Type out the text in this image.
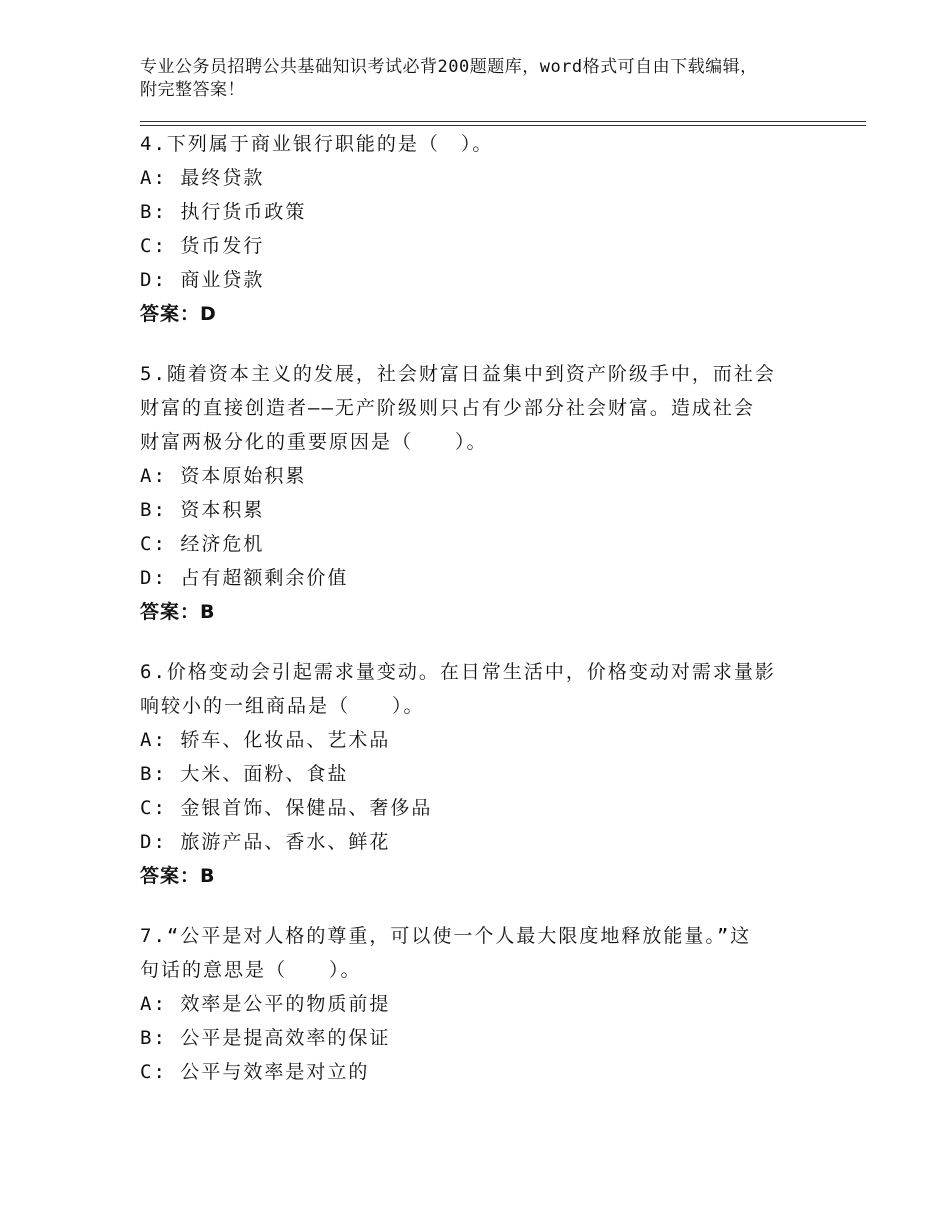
专业公务员招聘公共基础知识考试必背200题题库，word格式可自由下载编辑，
附完整答案！
4.下列属于商业银行职能的是（　）。
A: 最终贷款
B: 执行货币政策
C: 货币发行
D: 商业贷款
答案：D
5.随着资本主义的发展，社会财富日益集中到资产阶级手中，而社会
财富的直接创造者——无产阶级则只占有少部分社会财富。造成社会
财富两极分化的重要原因是（　　）。
A: 资本原始积累
B: 资本积累
C: 经济危机
D: 占有超额剩余价值
答案：B
6.价格变动会引起需求量变动。在日常生活中，价格变动对需求量影
响较小的一组商品是（　　）。
A: 轿车、化妆品、艺术品
B: 大米、面粉、食盐
C: 金银首饰、保健品、奢侈品
D: 旅游产品、香水、鲜花
答案：B
7.“公平是对人格的尊重，可以使一个人最大限度地释放能量。”这
句话的意思是（　　）。
A: 效率是公平的物质前提
B: 公平是提高效率的保证
C: 公平与效率是对立的
